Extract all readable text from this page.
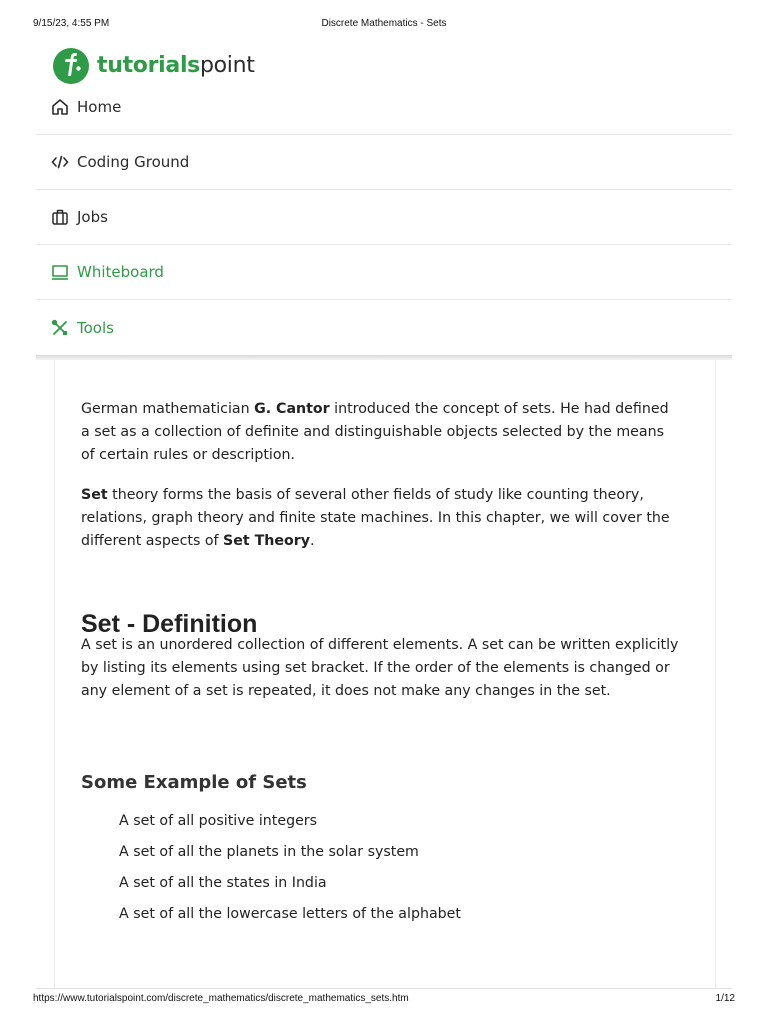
9/15/23, 4:55 PM	Discrete Mathematics - Sets
tutorialspoint
Home
Coding Ground
Jobs
Whiteboard
Tools

German mathematician G. Cantor introduced the concept of sets. He had defined a set as a collection of definite and distinguishable objects selected by the means of certain rules or description.

Set theory forms the basis of several other fields of study like counting theory, relations, graph theory and finite state machines. In this chapter, we will cover the different aspects of Set Theory.

Set - Definition

A set is an unordered collection of different elements. A set can be written explicitly by listing its elements using set bracket. If the order of the elements is changed or any element of a set is repeated, it does not make any changes in the set.

Some Example of Sets
A set of all positive integers
A set of all the planets in the solar system
A set of all the states in India
A set of all the lowercase letters of the alphabet
https://www.tutorialspoint.com/discrete_mathematics/discrete_mathematics_sets.htm	1/12
